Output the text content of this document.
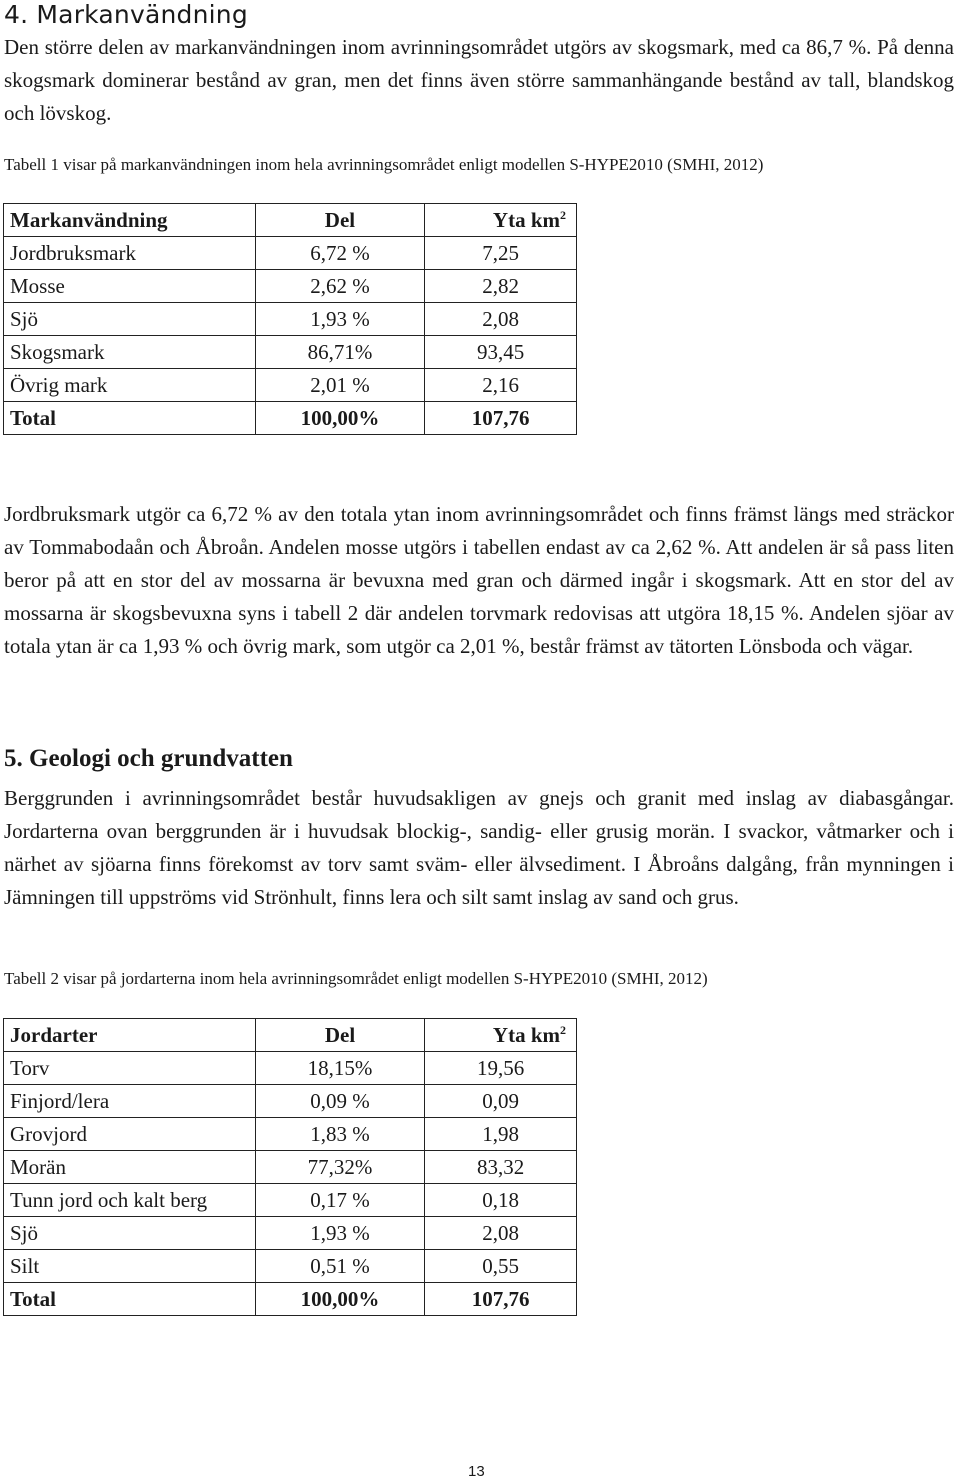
4. Markanvändning

Den större delen av markanvändningen inom avrinningsområdet utgörs av skogsmark, med ca 86,7 %. På denna skogsmark dominerar bestånd av gran, men det finns även större sammanhängande bestånd av tall, blandskog och lövskog.

Tabell 1 visar på markanvändningen inom hela avrinningsområdet enligt modellen S-HYPE2010 (SMHI, 2012)

Markanvändning	Del	Yta $km^2$
Jordbruksmark	6,72 %	7,25
Mosse	2,62 %	2,82
Sjö	1,93 %	2,08
Skogsmark	86,71%	93,45
Övrig mark	2,01 %	2,16
Total	100,00%	107,76

Jordbruksmark utgör ca 6,72 % av den totala ytan inom avrinningsområdet och finns främst längs med sträckor av Tommabodaån och Åbroån. Andelen mosse utgörs i tabellen endast av ca 2,62 %. Att andelen är så pass liten beror på att en stor del av mossarna är bevuxna med gran och därmed ingår i skogsmark. Att en stor del av mossarna är skogsbevuxna syns i tabell 2 där andelen torvmark redovisas att utgöra 18,15 %. Andelen sjöar av totala ytan är ca 1,93 % och övrig mark, som utgör ca 2,01 %, består främst av tätorten Lönsboda och vägar.

5. Geologi och grundvatten

Berggrunden i avrinningsområdet består huvudsakligen av gnejs och granit med inslag av diabasgångar. Jordarterna ovan berggrunden är i huvudsak blockig-, sandig- eller grusig morän. I svackor, våtmarker och i närhet av sjöarna finns förekomst av torv samt sväm- eller älvsediment. I Åbroåns dalgång, från mynningen i Jämningen till uppströms vid Strönhult, finns lera och silt samt inslag av sand och grus.

Tabell 2 visar på jordarterna inom hela avrinningsområdet enligt modellen S-HYPE2010 (SMHI, 2012)

Jordarter	Del	Yta $km^2$
Torv	18,15%	19,56
Finjord/lera	0,09 %	0,09
Grovjord	1,83 %	1,98
Morän	77,32%	83,32
Tunn jord och kalt berg	0,17 %	0,18
Sjö	1,93 %	2,08
Silt	0,51 %	0,55
Total	100,00%	107,76
13
